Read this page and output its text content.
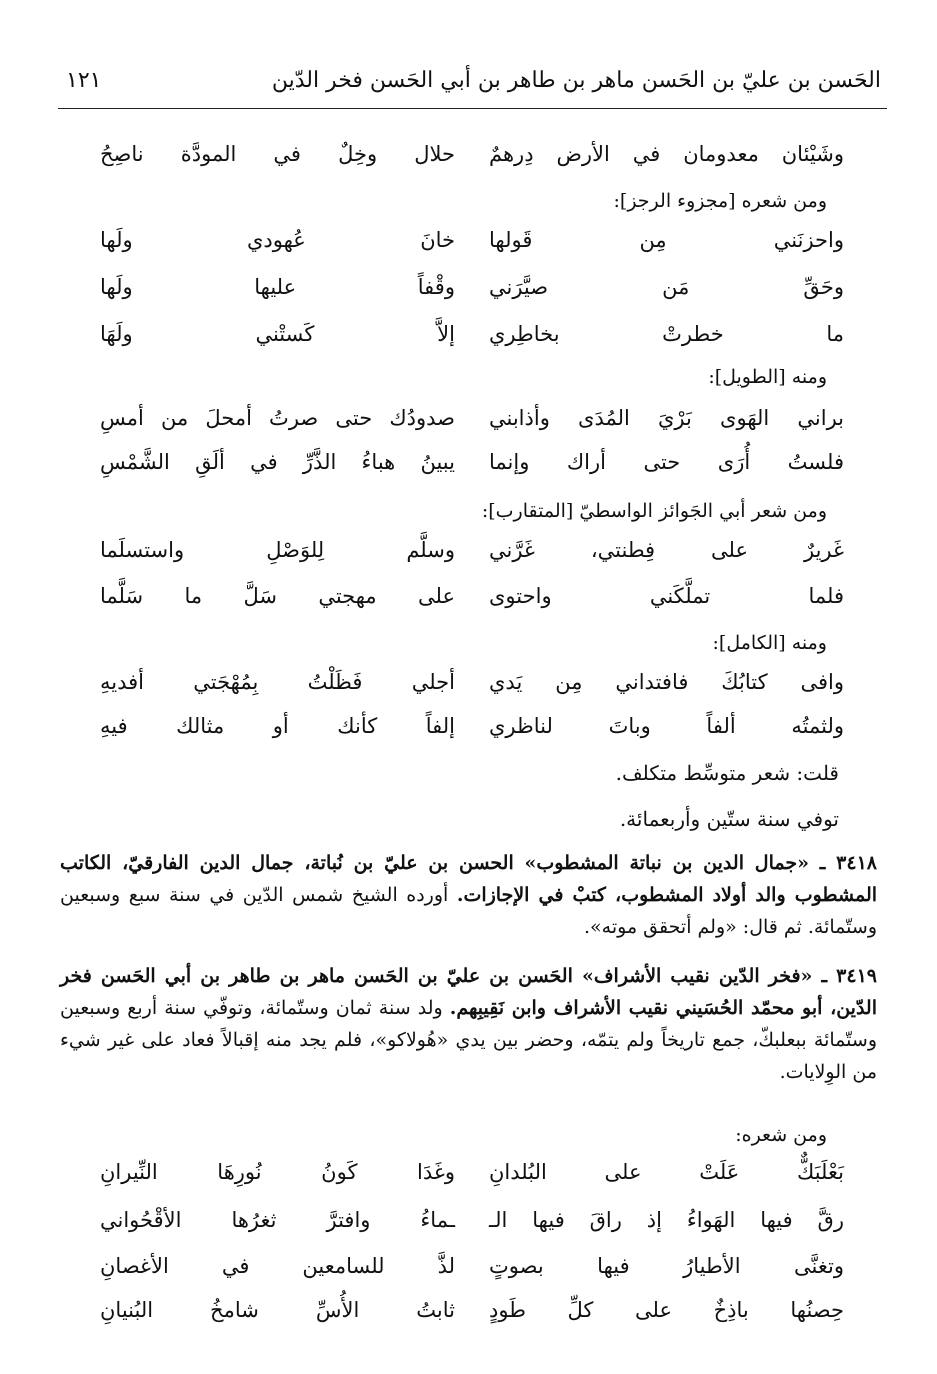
الحَسن بن عليّ بن الحَسن ماهر بن طاهر بن أبي الحَسن فخر الدّين
١٢١
وشَيْئان معدومان في الأرض دِرهمٌ
حلال وخِلٌ في المودَّة ناصِحُ
ومن شعره [مجزوء الرجز]:
واحزنَني مِن قَولها
خانَ عُهودي ولَها
وحَقِّ مَن صيَّرَني
وقْفاً عليها ولَها
ما خطرتْ بخاطِري
إلاَّ كَستْني ولَهَا
ومنه [الطويل]:
براني الهَوى بَرْيَ المُدَى وأذابني
صدودُك حتى صرتُ أمحلَ من أمسِ
فلستُ أُرَى حتى أراك وإنما
يبينُ هباءُ الذَّرِّ في ألَقِ الشَّمْسِ
ومن شعر أبي الجَوائز الواسطيّ [المتقارب]:
غَريرٌ على فِطنتي، غَرَّني
وسلَّم لِلوَصْلِ واستسلَما
فلما تملَّكَني واحتوى
على مهجتي سَلَّ ما سَلَّما
ومنه [الكامل]:
وافى كتابُكَ فافتداني مِن يَدي
أجلي فَظَلْتُ بِمُهْجَتي أفديهِ
ولثمتُه ألفاً وباتَ لناظري
إلفاً كأنك أو مثالك فيهِ
قلت: شعر متوسِّط متكلف.
توفي سنة ستّين وأربعمائة.
٣٤١٨ ـ «جمال الدين بن نباتة المشطوب» الحسن بن عليّ بن نُباتة، جمال الدين الفارقيّ، الكاتب المشطوب والد أولاد المشطوب، كتبْ في الإجازات. أورده الشيخ شمس الدّين في سنة سبع وسبعين وستّمائة. ثم قال: «ولم أتحقق موته».
٣٤١٩ ـ «فخر الدّين نقيب الأشراف» الحَسن بن عليّ بن الحَسن ماهر بن طاهر بن أبي الحَسن فخر الدّين، أبو محمّد الحُسَيني نقيب الأشراف وابن نَقِيبِهم. ولد سنة ثمان وستّمائة، وتوفّي سنة أربع وسبعين وستّمائة ببعلبكّ، جمع تاريخاً ولم يتمّه، وحضر بين يدي «هُولاكو»، فلم يجد منه إقبالاً فعاد على غير شيء من الوِلايات.
ومن شعره:
بَعْلَبَكٌّ عَلَتْ على البُلدانِ
وغَدَا كَونُ نُورِهَا النِّيرانِ
رقَّ فيها الهَواءُ إذ راقَ فيها الـ
ـماءُ وافترَّ ثغرُها الأقْحُواني
وتغنَّى الأطيارُ فيها بصوتٍ
لذَّ للسامعين في الأغصانِ
حِصنُها باذِخٌ على كلِّ طَودٍ
ثابتُ الأُسِّ شامخُ البُنيانِ
